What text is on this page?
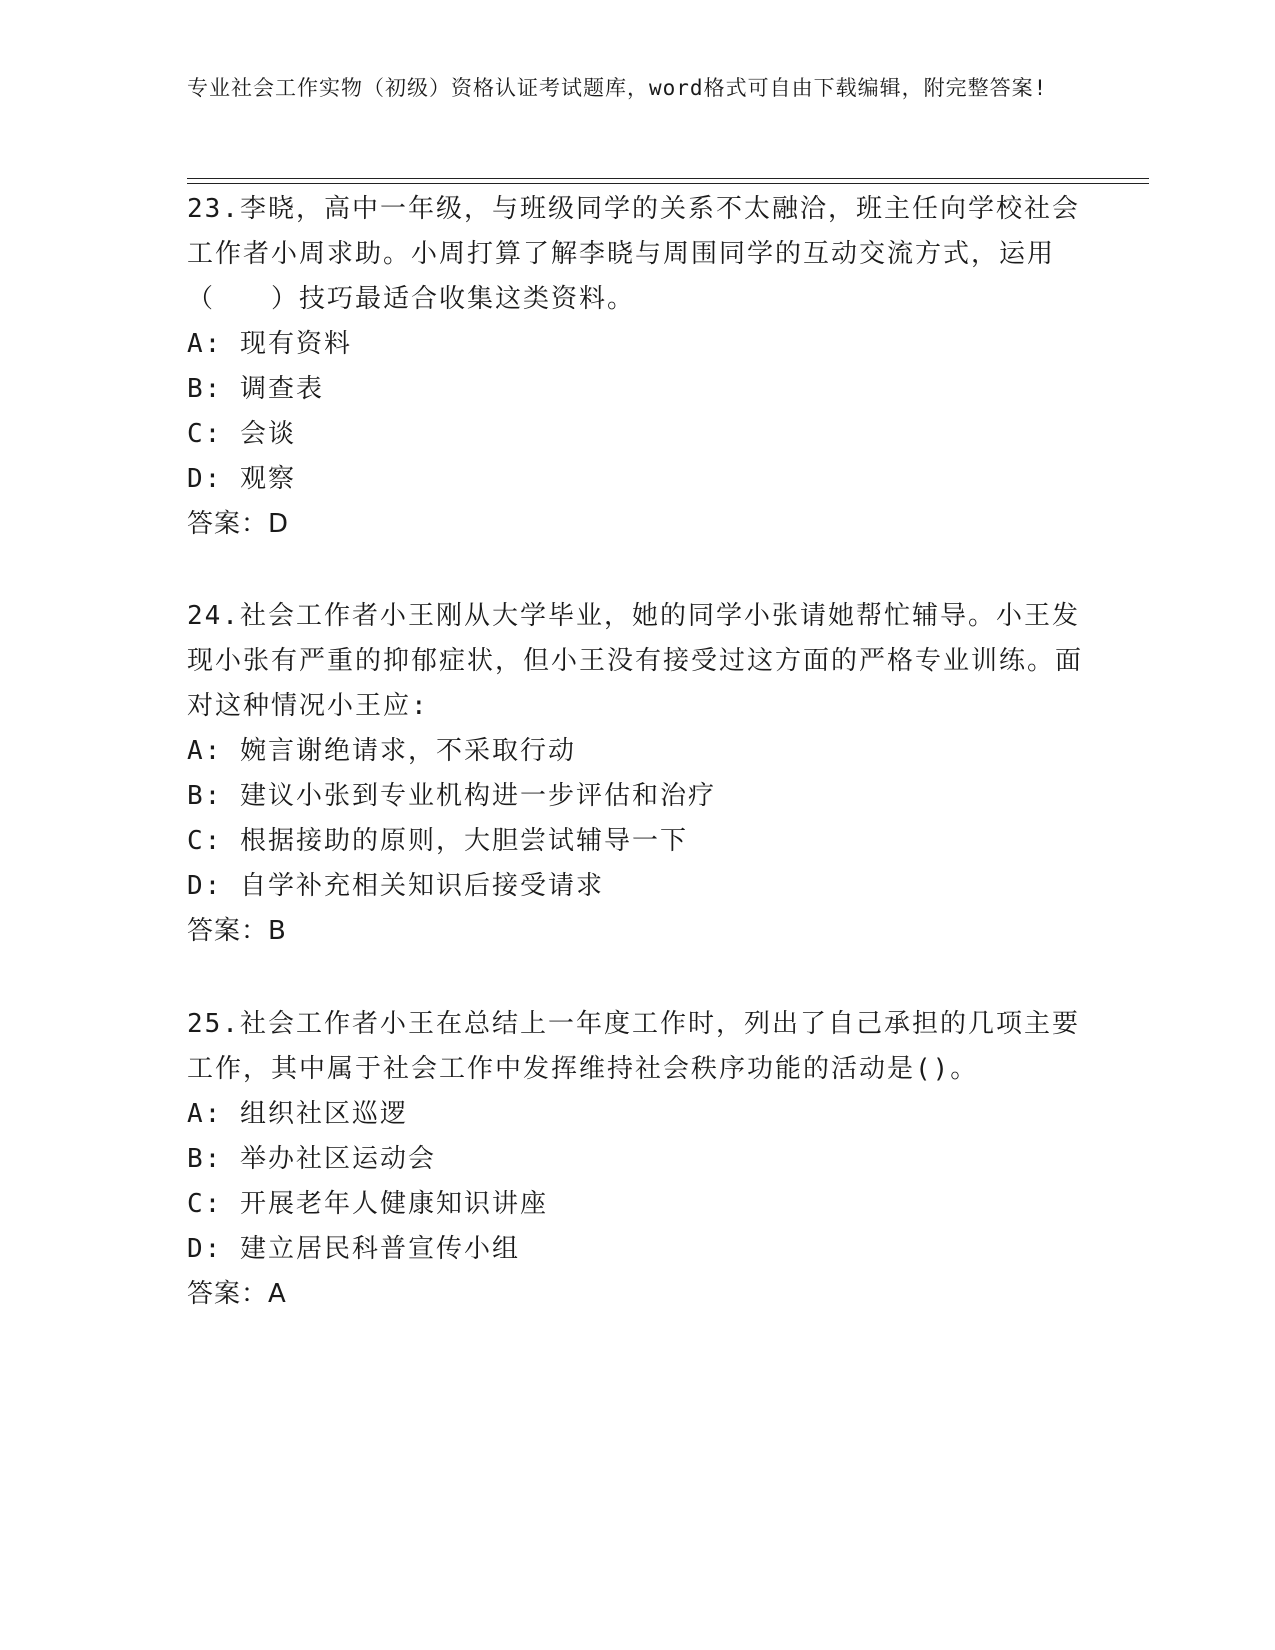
专业社会工作实物（初级）资格认证考试题库，word格式可自由下载编辑，附完整答案!

23.李晓，高中一年级，与班级同学的关系不太融洽，班主任向学校社会工作者小周求助。小周打算了解李晓与周围同学的互动交流方式，运用（　　）技巧最适合收集这类资料。

A: 现有资料

B: 调查表

C: 会谈

D: 观察

答案：D

24.社会工作者小王刚从大学毕业，她的同学小张请她帮忙辅导。小王发现小张有严重的抑郁症状，但小王没有接受过这方面的严格专业训练。面对这种情况小王应:

A: 婉言谢绝请求，不采取行动

B: 建议小张到专业机构进一步评估和治疗

C: 根据接助的原则，大胆尝试辅导一下

D: 自学补充相关知识后接受请求

答案：B

25.社会工作者小王在总结上一年度工作时，列出了自己承担的几项主要工作，其中属于社会工作中发挥维持社会秩序功能的活动是()。

A: 组织社区巡逻

B: 举办社区运动会

C: 开展老年人健康知识讲座

D: 建立居民科普宣传小组

答案：A
